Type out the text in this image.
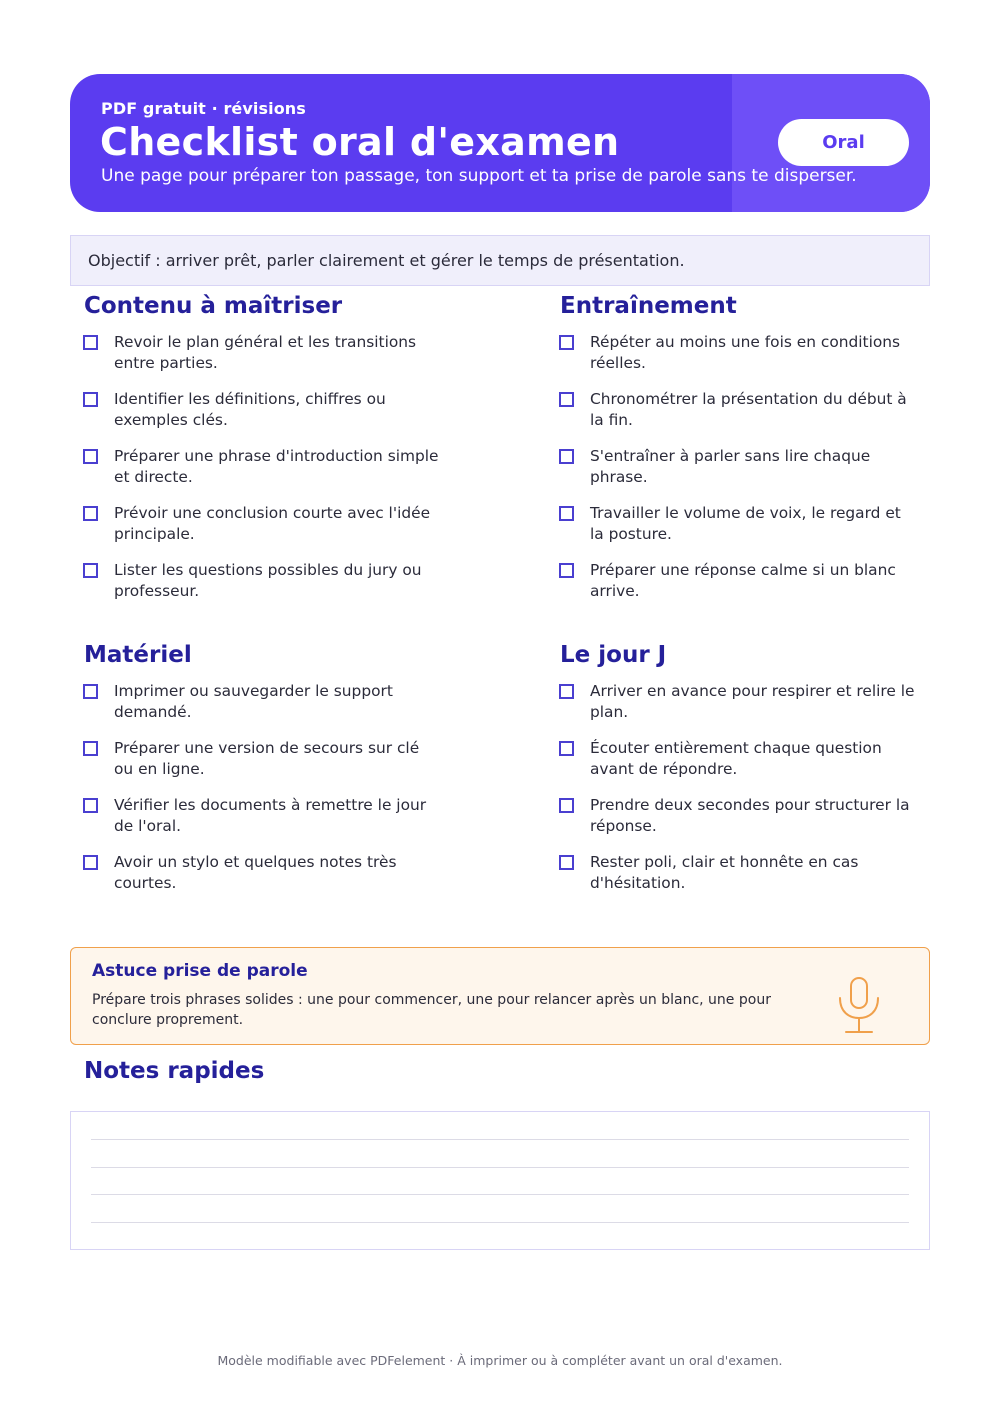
PDF gratuit · révisions
Checklist oral d'examen	Oral
Une page pour préparer ton passage, ton support et ta prise de parole sans te disperser.
Objectif : arriver prêt, parler clairement et gérer le temps de présentation.
Contenu à maîtriser
Revoir le plan général et les transitions entre parties.
Identifier les définitions, chiffres ou exemples clés.
Préparer une phrase d'introduction simple et directe.
Prévoir une conclusion courte avec l'idée principale.
Lister les questions possibles du jury ou professeur.
Entraînement
Répéter au moins une fois en conditions réelles.
Chronométrer la présentation du début à la fin.
S'entraîner à parler sans lire chaque phrase.
Travailler le volume de voix, le regard et la posture.
Préparer une réponse calme si un blanc arrive.
Matériel
Imprimer ou sauvegarder le support demandé.
Préparer une version de secours sur clé ou en ligne.
Vérifier les documents à remettre le jour de l'oral.
Avoir un stylo et quelques notes très courtes.
Le jour J
Arriver en avance pour respirer et relire le plan.
Écouter entièrement chaque question avant de répondre.
Prendre deux secondes pour structurer la réponse.
Rester poli, clair et honnête en cas d'hésitation.
Astuce prise de parole
Prépare trois phrases solides : une pour commencer, une pour relancer après un blanc, une pour conclure proprement.
Notes rapides
Modèle modifiable avec PDFelement · À imprimer ou à compléter avant un oral d'examen.
